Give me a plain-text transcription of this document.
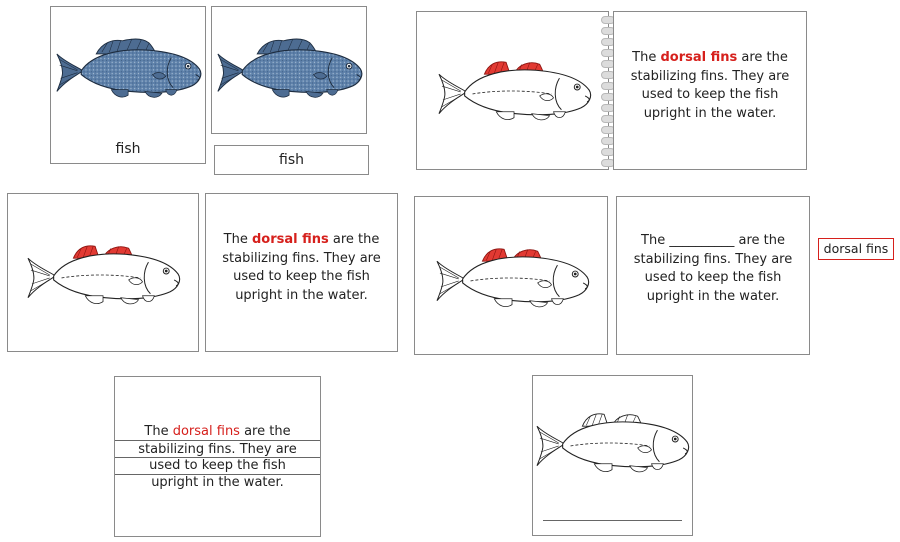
fish
fish
The dorsal fins are the stabilizing fins. They are used to keep the fish upright in the water.
The dorsal fins are the stabilizing fins. They are used to keep the fish upright in the water.
The __________ are the stabilizing fins. They are used to keep the fish upright in the water.
dorsal fins
The dorsal fins are the
stabilizing fins. They are
used to keep the fish
upright in the water.
